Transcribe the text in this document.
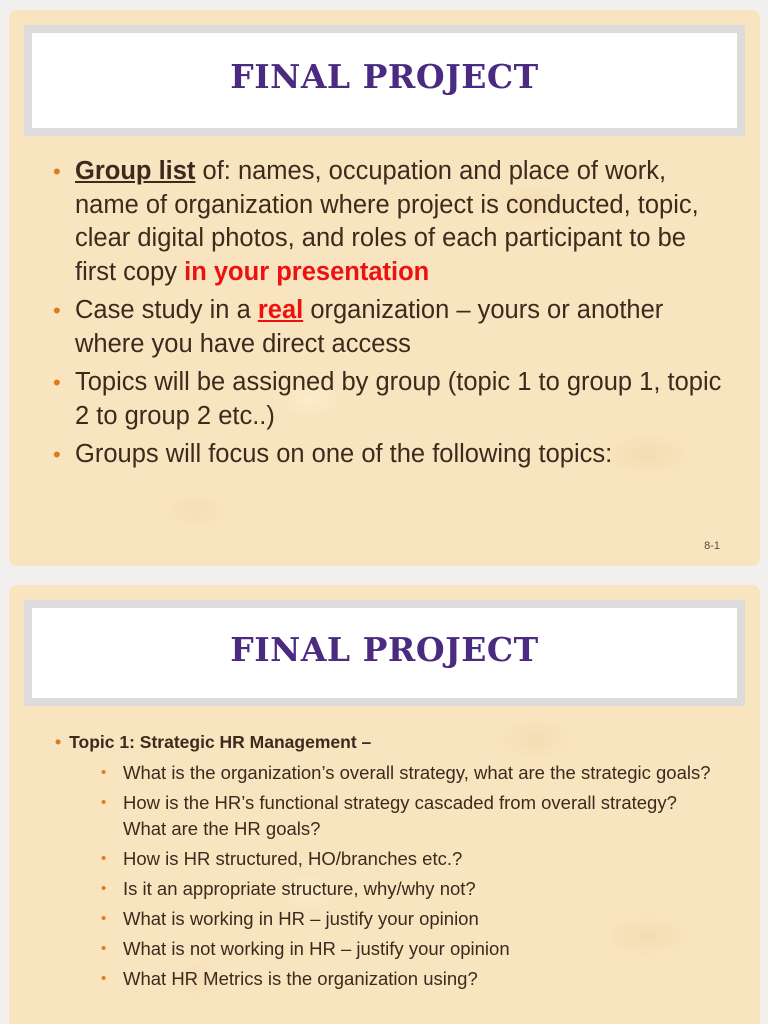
FINAL PROJECT
• Group list of: names, occupation and place of work, name of organization where project is conducted, topic, clear digital photos, and roles of each participant to be first copy in your presentation
• Case study in a real organization – yours or another where you have direct access
• Topics will be assigned by group (topic 1 to group 1, topic 2 to group 2 etc..)
• Groups will focus on one of the following topics:
8-1
FINAL PROJECT
• Topic 1: Strategic HR Management –
• What is the organization’s overall strategy, what are the strategic goals?
• How is the HR’s functional strategy cascaded from overall strategy? What are the HR goals?
• How is HR structured, HO/branches etc.?
• Is it an appropriate structure, why/why not?
• What is working in HR – justify your opinion
• What is not working in HR – justify your opinion
• What HR Metrics is the organization using?
